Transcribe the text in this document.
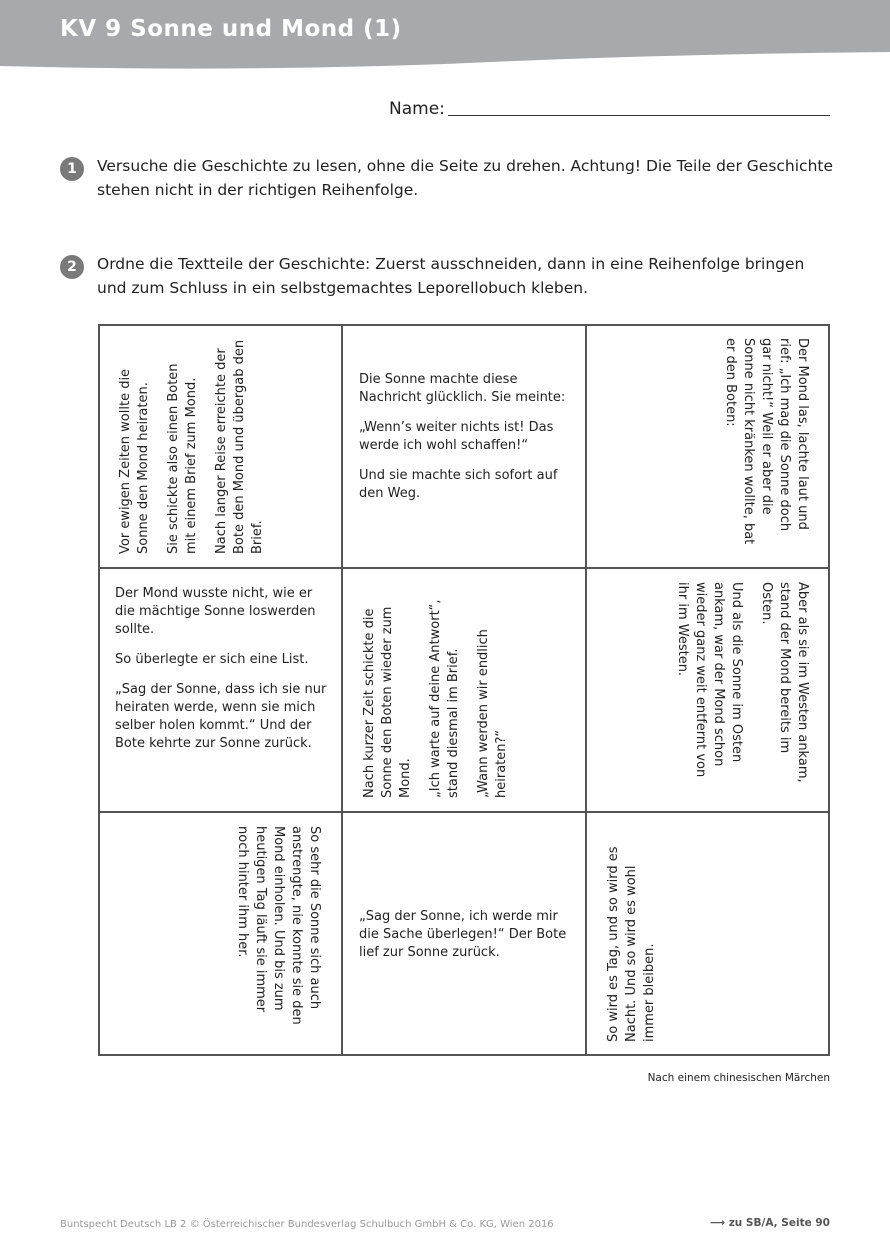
KV 9 Sonne und Mond (1)
Name:
1	Versuche die Geschichte zu lesen, ohne die Seite zu drehen. Achtung! Die Teile der Geschichte stehen nicht in der richtigen Reihenfolge.
2	Ordne die Textteile der Geschichte: Zuerst ausschneiden, dann in eine Reihenfolge bringen und zum Schluss in ein selbstgemachtes Leporellobuch kleben.

Vor ewigen Zeiten wollte die Sonne den Mond heiraten. Sie schickte also einen Boten mit einem Brief zum Mond. Nach langer Reise erreichte der Bote den Mond und übergab den Brief.

Die Sonne machte diese Nachricht glücklich. Sie meinte:

„Wenn’s weiter nichts ist! Das werde ich wohl schaffen!“

Und sie machte sich sofort auf den Weg.	Der Mond las, lachte laut und rief: „Ich mag die Sonne doch gar nicht!“ Weil er aber die Sonne nicht kränken wollte, bat er den Boten:

Der Mond wusste nicht, wie er die mächtige Sonne loswerden sollte.

So überlegte er sich eine List.

„Sag der Sonne, dass ich sie nur heiraten werde, wenn sie mich selber holen kommt.“ Und der Bote kehrte zur Sonne zurück.	Nach kurzer Zeit schickte die Sonne den Boten wieder zum Mond. „Ich warte auf deine Antwort“, stand diesmal im Brief. „Wann werden wir endlich heiraten?“	Aber als sie im Westen ankam, stand der Mond bereits im Osten.

Und als die Sonne im Osten ankam, war der Mond schon wieder ganz weit entfernt von ihr im Westen.

So sehr die Sonne sich auch anstrengte, nie konnte sie den Mond einholen. Und bis zum heutigen Tag läuft sie immer noch hinter ihm her.	„Sag der Sonne, ich werde mir die Sache überlegen!“ Der Bote lief zur Sonne zurück.	So wird es Tag, und so wird es Nacht. Und so wird es wohl immer bleiben.

Nach einem chinesischen Märchen
Buntspecht Deutsch LB 2 © Österreichischer Bundesverlag Schulbuch GmbH & Co. KG, Wien 2016	⟶ zu SB/A, Seite 90
